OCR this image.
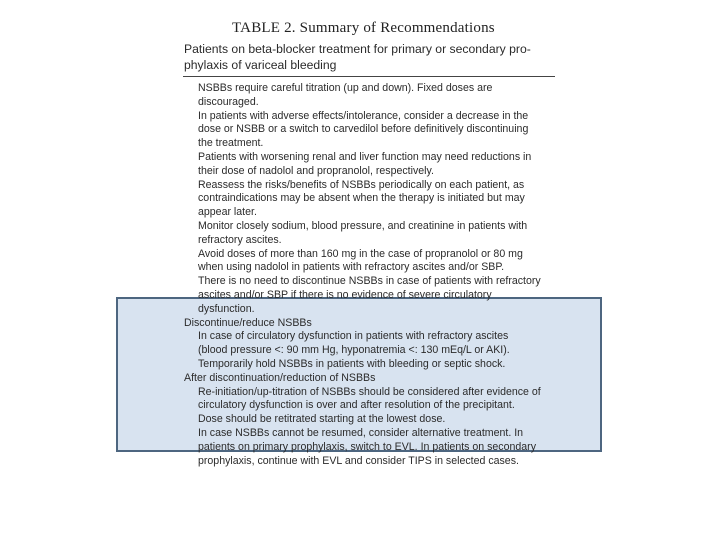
TABLE 2. Summary of Recommendations
Patients on beta-blocker treatment for primary or secondary pro-
phylaxis of variceal bleeding
NSBBs require careful titration (up and down). Fixed doses are
discouraged.
In patients with adverse effects/intolerance, consider a decrease in the
dose or NSBB or a switch to carvedilol before definitively discontinuing
the treatment.
Patients with worsening renal and liver function may need reductions in
their dose of nadolol and propranolol, respectively.
Reassess the risks/benefits of NSBBs periodically on each patient, as
contraindications may be absent when the therapy is initiated but may
appear later.
Monitor closely sodium, blood pressure, and creatinine in patients with
refractory ascites.
Avoid doses of more than 160 mg in the case of propranolol or 80 mg
when using nadolol in patients with refractory ascites and/or SBP.
There is no need to discontinue NSBBs in case of patients with refractory
ascites and/or SBP if there is no evidence of severe circulatory
dysfunction.
Discontinue/reduce NSBBs
In case of circulatory dysfunction in patients with refractory ascites
(blood pressure <: 90 mm Hg, hyponatremia <: 130 mEq/L or AKI).
Temporarily hold NSBBs in patients with bleeding or septic shock.
After discontinuation/reduction of NSBBs
Re-initiation/up-titration of NSBBs should be considered after evidence of
circulatory dysfunction is over and after resolution of the precipitant.
Dose should be retitrated starting at the lowest dose.
In case NSBBs cannot be resumed, consider alternative treatment. In
patients on primary prophylaxis, switch to EVL. In patients on secondary
prophylaxis, continue with EVL and consider TIPS in selected cases.
